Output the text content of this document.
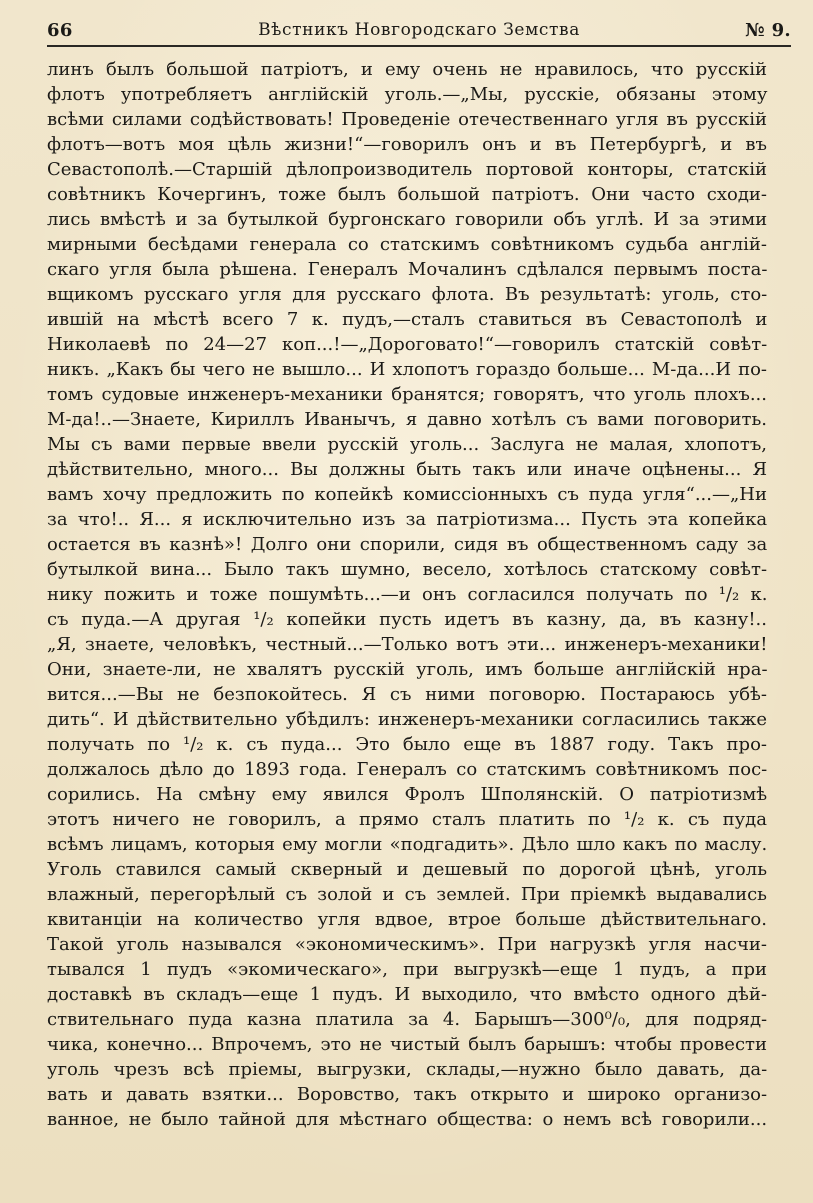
66	Вѣстникъ Новгородскаго Земства	№ 9.
линъ былъ большой патріотъ, и ему очень не нравилось, что русскій
флотъ употребляетъ англійскій уголь.—„Мы, русскіе, обязаны этому
всѣми силами содѣйствовать! Проведеніе отечественнаго угля въ русскій
флотъ—вотъ моя цѣль жизни!“—говорилъ онъ и въ Петербургѣ, и въ
Севастополѣ.—Старшій дѣлопроизводитель портовой конторы, статскій
совѣтникъ Кочергинъ, тоже былъ большой патріотъ. Они часто сходи-
лись вмѣстѣ и за бутылкой бургонскаго говорили объ углѣ. И за этими
мирными бесѣдами генерала со статскимъ совѣтникомъ судьба англій-
скаго угля была рѣшена. Генералъ Мочалинъ сдѣлался первымъ поста-
вщикомъ русскаго угля для русскаго флота. Въ результатѣ: уголь, сто-
ившій на мѣстѣ всего 7 к. пудъ,—сталъ ставиться въ Севастополѣ и
Николаевѣ по 24—27 коп...!—„Дороговато!“—говорилъ статскій совѣт-
никъ. „Какъ бы чего не вышло... И хлопотъ гораздо больше... М-да...И по-
томъ судовые инженеръ-механики бранятся; говорятъ, что уголь плохъ...
М-да!..—Знаете, Кириллъ Иванычъ, я давно хотѣлъ съ вами поговорить.
Мы съ вами первые ввели русскій уголь... Заслуга не малая, хлопотъ,
дѣйствительно, много... Вы должны быть такъ или иначе оцѣнены... Я
вамъ хочу предложить по копейкѣ комиссіонныхъ съ пуда угля“...—„Ни
за что!.. Я... я исключительно изъ за патріотизма... Пусть эта копейка
остается въ казнѣ»! Долго они спорили, сидя въ общественномъ саду за
бутылкой вина... Было такъ шумно, весело, хотѣлось статскому совѣт-
нику пожить и тоже пошумѣть...—и онъ согласился получать по ¹/₂ к.
съ пуда.—А другая ¹/₂ копейки пусть идетъ въ казну, да, въ казну!..
„Я, знаете, человѣкъ, честный...—Только вотъ эти... инженеръ-механики!
Они, знаете-ли, не хвалятъ русскій уголь, имъ больше англійскій нра-
вится...—Вы не безпокойтесь. Я съ ними поговорю. Постараюсь убѣ-
дить“. И дѣйствительно убѣдилъ: инженеръ-механики согласились также
получать по ¹/₂ к. съ пуда... Это было еще въ 1887 году. Такъ про-
должалось дѣло до 1893 года. Генералъ со статскимъ совѣтникомъ пос-
сорились. На смѣну ему явился Фролъ Шполянскій. О патріотизмѣ
этотъ ничего не говорилъ, а прямо сталъ платить по ¹/₂ к. съ пуда
всѣмъ лицамъ, которыя ему могли «подгадить». Дѣло шло какъ по маслу.
Уголь ставился самый скверный и дешевый по дорогой цѣнѣ, уголь
влажный, перегорѣлый съ золой и съ землей. При пріемкѣ выдавались
квитанціи на количество угля вдвое, втрое больше дѣйствительнаго.
Такой уголь назывался «экономическимъ». При нагрузкѣ угля насчи-
тывался 1 пудъ «экомическаго», при выгрузкѣ—еще 1 пудъ, а при
доставкѣ въ складъ—еще 1 пудъ. И выходило, что вмѣсто одного дѣй-
ствительнаго пуда казна платила за 4. Барышъ—300⁰/₀, для подряд-
чика, конечно... Впрочемъ, это не чистый былъ барышъ: чтобы провести
уголь чрезъ всѣ пріемы, выгрузки, склады,—нужно было давать, да-
вать и давать взятки... Воровство, такъ открыто и широко организо-
ванное, не было тайной для мѣстнаго общества: о немъ всѣ говорили...
